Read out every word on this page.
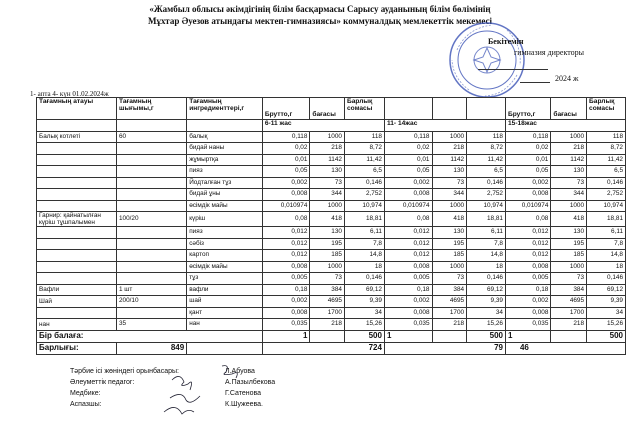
«Жамбыл облысы әкімдігінің білім басқармасы Сарысу ауданының білім бөлімінің
Мұхтар Әуезов атындағы мектеп-гимназиясы» коммуналдық мемлекеттік мекемесі
Бекітемін
гимназия директоры
2024 ж
1- апта 4- күн 01.02.2024ж
Тағамның атауы	Тағамның шығымы,г	Тағамның ингредиенттері,г	Брутто,г	бағасы	Барлық сомасы				Брутто,г	бағасы	Барлық сомасы
			6-11 жас			11- 14жас			15-18жас		
Балық котлеті	60	балық	0,118	1000	118	0,118	1000	118	0,118	1000	118
		бидай наны	0,02	218	8,72	0,02	218	8,72	0,02	218	8,72
		жұмыртқа	0,01	1142	11,42	0,01	1142	11,42	0,01	1142	11,42
		пияз	0,05	130	6,5	0,05	130	6,5	0,05	130	6,5
		Йодталған тұз	0,002	73	0,146	0,002	73	0,146	0,002	73	0,146
		бидай ұны	0,008	344	2,752	0,008	344	2,752	0,008	344	2,752
		өсімдік майы	0,010974	1000	10,974	0,010974	1000	10,974	0,010974	1000	10,974
Гарнир: қайнатылған күріш тұшпалымен	100/20	күріш	0,08	418	18,81	0,08	418	18,81	0,08	418	18,81
		пияз	0,012	130	6,11	0,012	130	6,11	0,012	130	6,11
		сәбіз	0,012	195	7,8	0,012	195	7,8	0,012	195	7,8
		картоп	0,012	185	14,8	0,012	185	14,8	0,012	185	14,8
		өсімдік майы	0,008	1000	18	0,008	1000	18	0,008	1000	18
		тұз	0,005	73	0,146	0,005	73	0,146	0,005	73	0,146
Вафли	1 шт	вафли	0,18	384	69,12	0,18	384	69,12	0,18	384	69,12
Шай	200/10	шай	0,002	4695	9,39	0,002	4695	9,39	0,002	4695	9,39
		қант	0,008	1700	34	0,008	1700	34	0,008	1700	34
нан	35	нан	0,035	218	15,26	0,035	218	15,26	0,035	218	15,26
Бір балаға:			1		500	1		500	1		500
Барлығы:	849		724			79			46		
Тәрбие ісі жөніндегі орынбасары:	Л.Абуова
Әлеуметтік педагог:	А.Пазылбекова
Медбике:	Г.Сатенова
Аспазшы:	К.Шужеева.
